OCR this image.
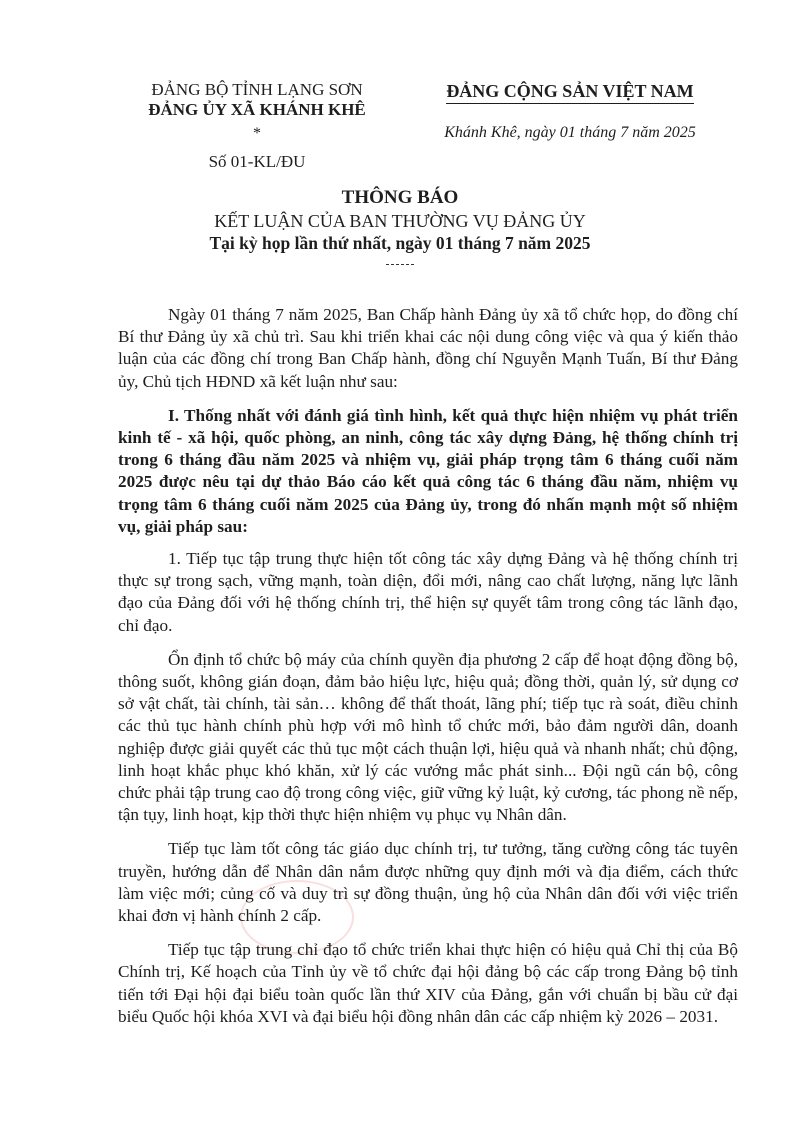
ĐẢNG BỘ TỈNH LẠNG SƠN
ĐẢNG ỦY XÃ KHÁNH KHÊ
*
Số 01-KL/ĐU
ĐẢNG CỘNG SẢN VIỆT NAM
Khánh Khê, ngày 01 tháng 7 năm 2025
THÔNG BÁO
KẾT LUẬN CỦA BAN THƯỜNG VỤ ĐẢNG ỦY
Tại kỳ họp lần thứ nhất, ngày 01 tháng 7 năm 2025

Ngày 01 tháng 7 năm 2025, Ban Chấp hành Đảng ủy xã tổ chức họp, do đồng chí Bí thư Đảng ủy xã chủ trì. Sau khi triển khai các nội dung công việc và qua ý kiến thảo luận của các đồng chí trong Ban Chấp hành, đồng chí Nguyễn Mạnh Tuấn, Bí thư Đảng ủy, Chủ tịch HĐND xã kết luận như sau:

I. Thống nhất với đánh giá tình hình, kết quả thực hiện nhiệm vụ phát triển kinh tế - xã hội, quốc phòng, an ninh, công tác xây dựng Đảng, hệ thống chính trị trong 6 tháng đầu năm 2025 và nhiệm vụ, giải pháp trọng tâm 6 tháng cuối năm 2025 được nêu tại dự thảo Báo cáo kết quả công tác 6 tháng đầu năm, nhiệm vụ trọng tâm 6 tháng cuối năm 2025 của Đảng ủy, trong đó nhấn mạnh một số nhiệm vụ, giải pháp sau:

1. Tiếp tục tập trung thực hiện tốt công tác xây dựng Đảng và hệ thống chính trị thực sự trong sạch, vững mạnh, toàn diện, đổi mới, nâng cao chất lượng, năng lực lãnh đạo của Đảng đối với hệ thống chính trị, thể hiện sự quyết tâm trong công tác lãnh đạo, chỉ đạo.

Ổn định tổ chức bộ máy của chính quyền địa phương 2 cấp để hoạt động đồng bộ, thông suốt, không gián đoạn, đảm bảo hiệu lực, hiệu quả; đồng thời, quản lý, sử dụng cơ sở vật chất, tài chính, tài sản… không để thất thoát, lãng phí; tiếp tục rà soát, điều chỉnh các thủ tục hành chính phù hợp với mô hình tổ chức mới, bảo đảm người dân, doanh nghiệp được giải quyết các thủ tục một cách thuận lợi, hiệu quả và nhanh nhất; chủ động, linh hoạt khắc phục khó khăn, xử lý các vướng mắc phát sinh... Đội ngũ cán bộ, công chức phải tập trung cao độ trong công việc, giữ vững kỷ luật, kỷ cương, tác phong nề nếp, tận tụy, linh hoạt, kịp thời thực hiện nhiệm vụ phục vụ Nhân dân.

Tiếp tục làm tốt công tác giáo dục chính trị, tư tưởng, tăng cường công tác tuyên truyền, hướng dẫn để Nhân dân nắm được những quy định mới và địa điểm, cách thức làm việc mới; củng cố và duy trì sự đồng thuận, ủng hộ của Nhân dân đối với việc triển khai đơn vị hành chính 2 cấp.

Tiếp tục tập trung chỉ đạo tổ chức triển khai thực hiện có hiệu quả Chỉ thị của Bộ Chính trị, Kế hoạch của Tỉnh ủy về tổ chức đại hội đảng bộ các cấp trong Đảng bộ tỉnh tiến tới Đại hội đại biểu toàn quốc lần thứ XIV của Đảng, gắn với chuẩn bị bầu cử đại biểu Quốc hội khóa XVI và đại biểu hội đồng nhân dân các cấp nhiệm kỳ 2026 – 2031.
